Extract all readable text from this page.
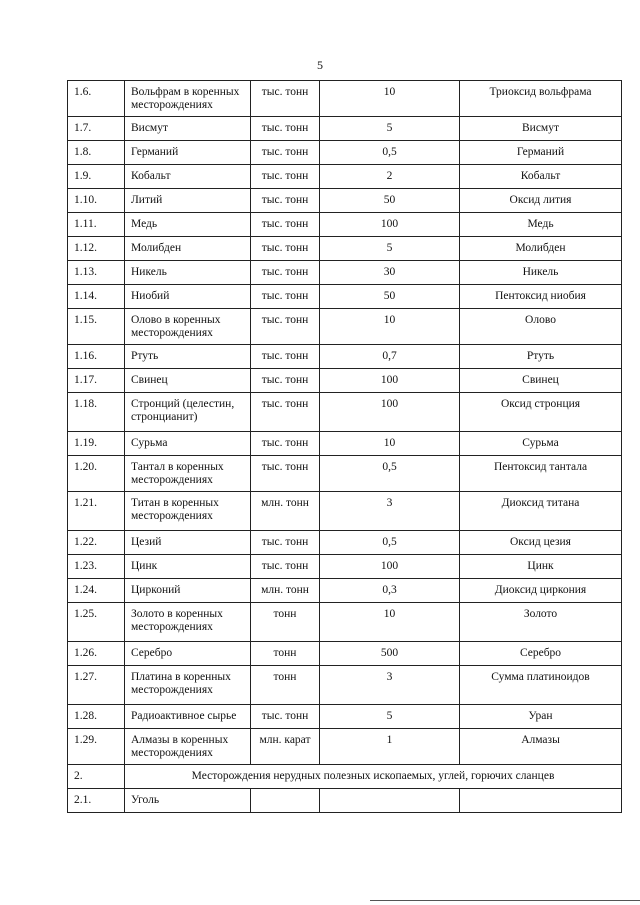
5
1.6.	Вольфрам в коренных месторождениях	тыс. тонн	10	Триоксид вольфрама
1.7.	Висмут	тыс. тонн	5	Висмут
1.8.	Германий	тыс. тонн	0,5	Германий
1.9.	Кобальт	тыс. тонн	2	Кобальт
1.10.	Литий	тыс. тонн	50	Оксид лития
1.11.	Медь	тыс. тонн	100	Медь
1.12.	Молибден	тыс. тонн	5	Молибден
1.13.	Никель	тыс. тонн	30	Никель
1.14.	Ниобий	тыс. тонн	50	Пентоксид ниобия
1.15.	Олово в коренных месторождениях	тыс. тонн	10	Олово
1.16.	Ртуть	тыс. тонн	0,7	Ртуть
1.17.	Свинец	тыс. тонн	100	Свинец
1.18.	Стронций (целестин, стронцианит)	тыс. тонн	100	Оксид стронция
1.19.	Сурьма	тыс. тонн	10	Сурьма
1.20.	Тантал в коренных месторождениях	тыс. тонн	0,5	Пентоксид тантала
1.21.	Титан в коренных месторождениях	млн. тонн	3	Диоксид титана
1.22.	Цезий	тыс. тонн	0,5	Оксид цезия
1.23.	Цинк	тыс. тонн	100	Цинк
1.24.	Цирконий	млн. тонн	0,3	Диоксид циркония
1.25.	Золото в коренных месторождениях	тонн	10	Золото
1.26.	Серебро	тонн	500	Серебро
1.27.	Платина в коренных месторождениях	тонн	3	Сумма платиноидов
1.28.	Радиоактивное сырье	тыс. тонн	5	Уран
1.29.	Алмазы в коренных месторождениях	млн. карат	1	Алмазы
2.	Месторождения нерудных полезных ископаемых, углей, горючих сланцев			
2.1.	Уголь			
